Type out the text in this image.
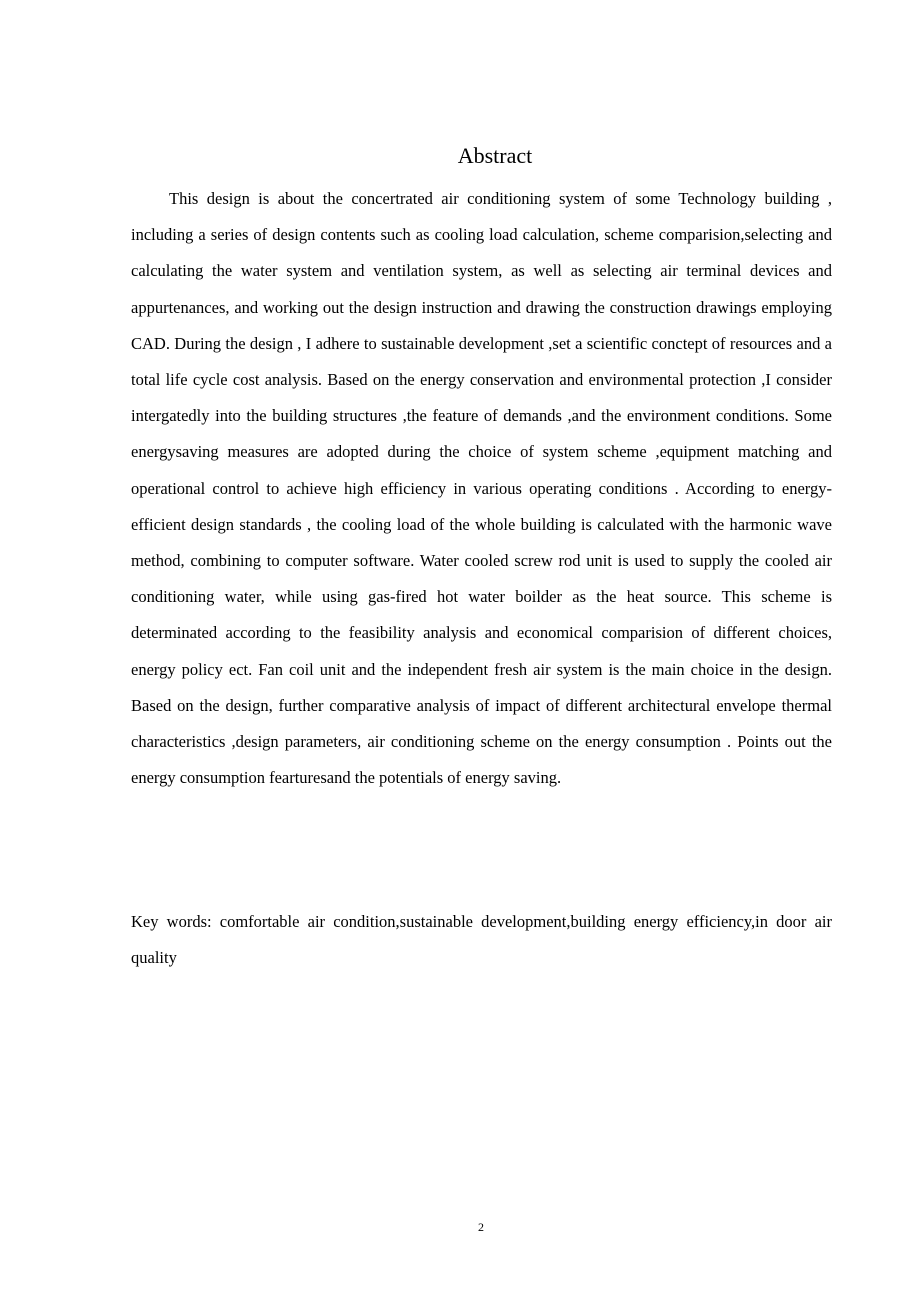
Abstract

This design is about the concertrated air conditioning system of some Technology building , including a series of design contents such as cooling load calculation, scheme comparision,selecting and calculating the water system and ventilation system, as well as selecting air terminal devices and appurtenances, and working out the design instruction and drawing the construction drawings employing CAD. During the design , I adhere to sustainable development ,set a scientific conctept of resources and a total life cycle cost analysis. Based on the energy conservation and environmental protection ,I consider intergatedly into the building structures ,the feature of demands ,and the environment conditions. Some energysaving measures are adopted during the choice of system scheme ,equipment matching and operational control to achieve high efficiency in various operating conditions . According to energy-efficient design standards , the cooling load of the whole building is calculated with the harmonic wave method, combining to computer software. Water cooled screw rod unit is used to supply the cooled air conditioning water, while using gas-fired hot water boilder as the heat source. This scheme is determinated according to the feasibility analysis and economical comparision of different choices, energy policy ect. Fan coil unit and the independent fresh air system is the main choice in the design. Based on the design, further comparative analysis of impact of different architectural envelope thermal characteristics ,design parameters, air conditioning scheme on the energy consumption . Points out the energy consumption fearturesand the potentials of energy saving.

Key words: comfortable air condition,sustainable development,building energy efficiency,in door air quality

2
